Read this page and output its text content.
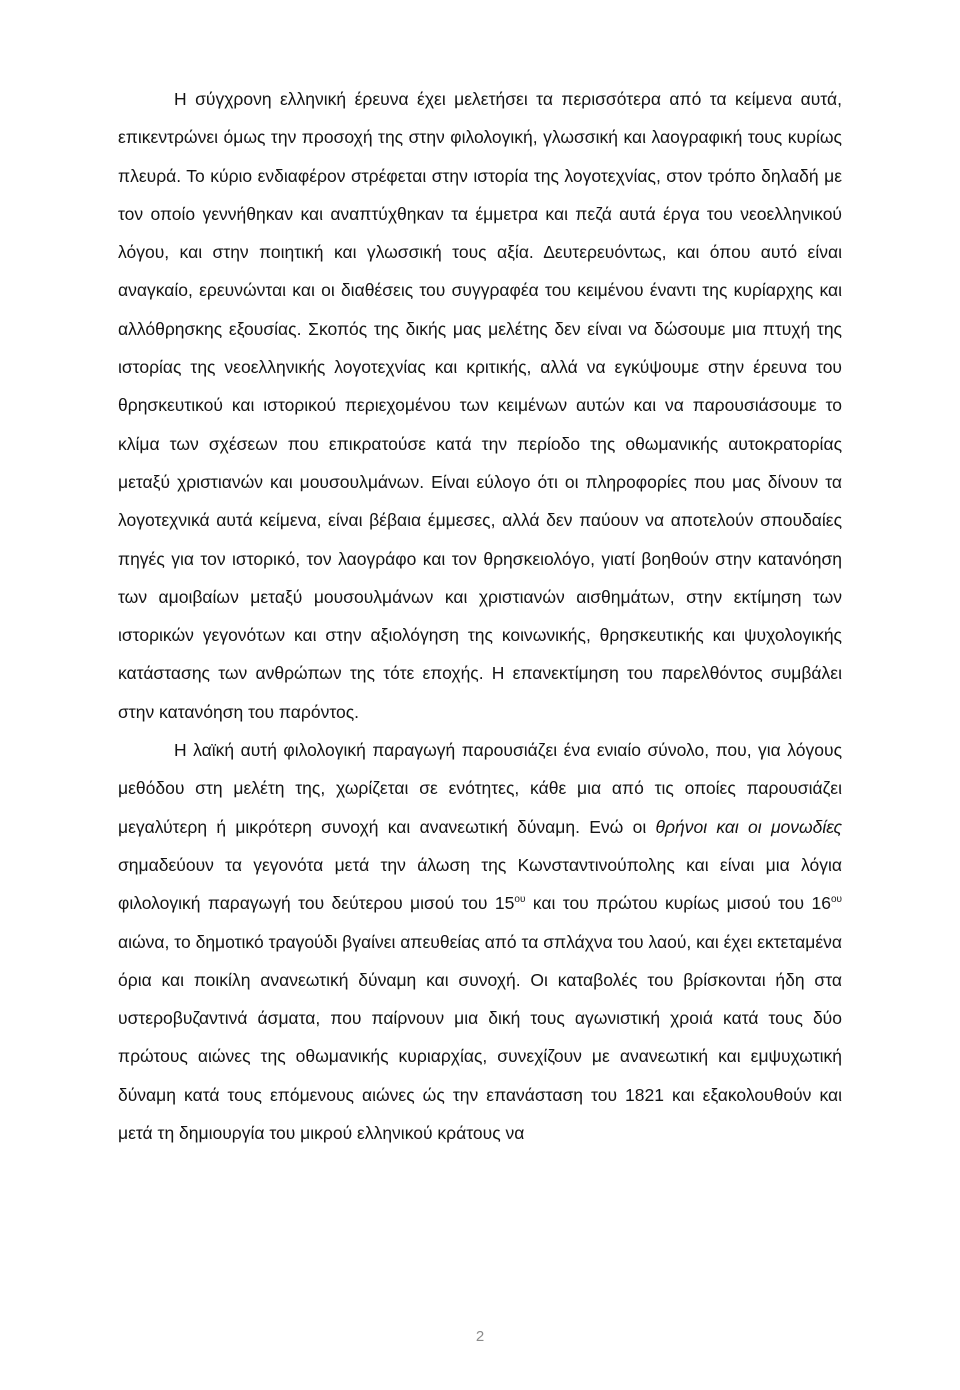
Η σύγχρονη ελληνική έρευνα έχει μελετήσει τα περισσότερα από τα κείμενα αυτά, επικεντρώνει όμως την προσοχή της στην φιλολογική, γλωσσική και λαογραφική τους κυρίως πλευρά. Το κύριο ενδιαφέρον στρέφεται στην ιστορία της λογοτεχνίας, στον τρόπο δηλαδή με τον οποίο γεννήθηκαν και αναπτύχθηκαν τα έμμετρα και πεζά αυτά έργα του νεοελληνικού λόγου, και στην ποιητική και γλωσσική τους αξία. Δευτερευόντως, και όπου αυτό είναι αναγκαίο, ερευνώνται και οι διαθέσεις του συγγραφέα του κειμένου έναντι της κυρίαρχης και αλλόθρησκης εξουσίας. Σκοπός της δικής μας μελέτης δεν είναι να δώσουμε μια πτυχή της ιστορίας της νεοελληνικής λογοτεχνίας και κριτικής, αλλά να εγκύψουμε στην έρευνα του θρησκευτικού και ιστορικού περιεχομένου των κειμένων αυτών και να παρουσιάσουμε το κλίμα των σχέσεων που επικρατούσε κατά την περίοδο της οθωμανικής αυτοκρατορίας μεταξύ χριστιανών και μουσουλμάνων. Είναι εύλογο ότι οι πληροφορίες που μας δίνουν τα λογοτεχνικά αυτά κείμενα, είναι βέβαια έμμεσες, αλλά δεν παύουν να αποτελούν σπουδαίες πηγές για τον ιστορικό, τον λαογράφο και τον θρησκειολόγο, γιατί βοηθούν στην κατανόηση των αμοιβαίων μεταξύ μουσουλμάνων και χριστιανών αισθημάτων, στην εκτίμηση των ιστορικών γεγονότων και στην αξιολόγηση της κοινωνικής, θρησκευτικής και ψυχολογικής κατάστασης των ανθρώπων της τότε εποχής. Η επανεκτίμηση του παρελθόντος συμβάλει στην κατανόηση του παρόντος.

Η λαϊκή αυτή φιλολογική παραγωγή παρουσιάζει ένα ενιαίο σύνολο, που, για λόγους μεθόδου στη μελέτη της, χωρίζεται σε ενότητες, κάθε μια από τις οποίες παρουσιάζει μεγαλύτερη ή μικρότερη συνοχή και ανανεωτική δύναμη. Ενώ οι θρήνοι και οι μονωδίες σημαδεύουν τα γεγονότα μετά την άλωση της Κωνσταντινούπολης και είναι μια λόγια φιλολογική παραγωγή του δεύτερου μισού του $15^{o\upsilon}$ και του πρώτου κυρίως μισού του $16^{o\upsilon}$ αιώνα, το δημοτικό τραγούδι βγαίνει απευθείας από τα σπλάχνα του λαού, και έχει εκτεταμένα όρια και ποικίλη ανανεωτική δύναμη και συνοχή. Οι καταβολές του βρίσκονται ήδη στα υστεροβυζαντινά άσματα, που παίρνουν μια δική τους αγωνιστική χροιά κατά τους δύο πρώτους αιώνες της οθωμανικής κυριαρχίας, συνεχίζουν με ανανεωτική και εμψυχωτική δύναμη κατά τους επόμενους αιώνες ώς την επανάσταση του 1821 και εξακολουθούν και μετά τη δημιουργία του μικρού ελληνικού κράτους να

2
